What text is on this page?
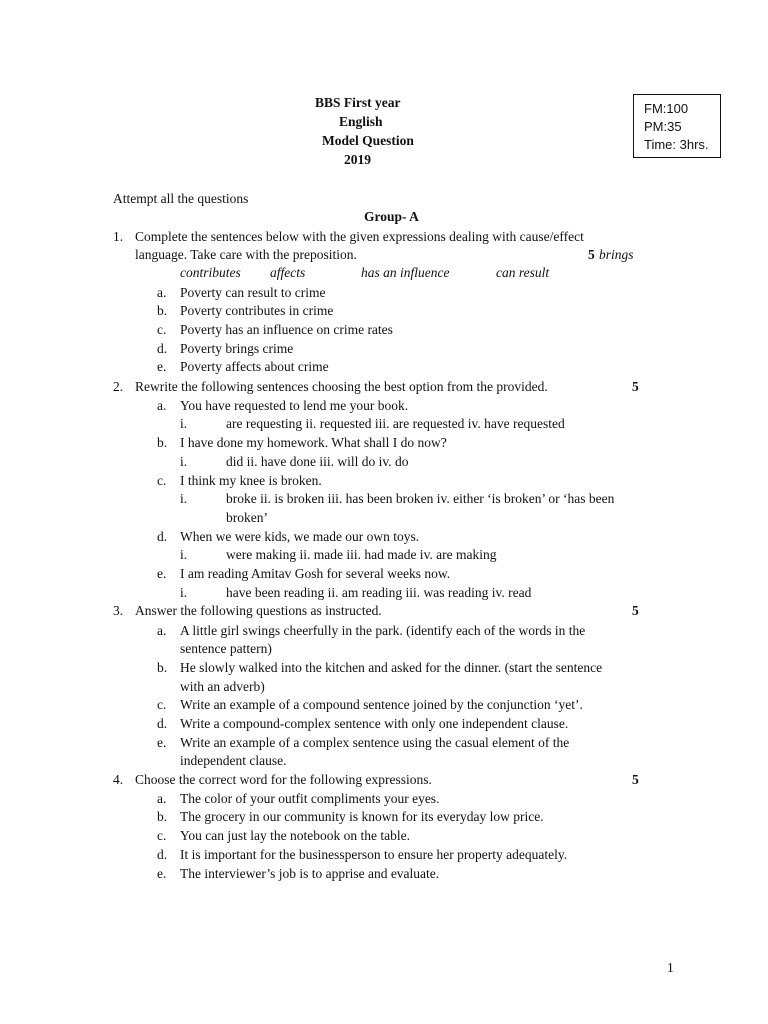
BBS First year
English
Model Question
2019
FM:100
PM:35
Time: 3hrs.
Attempt all the questions
Group- A
1. Complete the sentences below with the given expressions dealing with cause/effect
language. Take care with the preposition.	5 brings
contributes affects	has an influence	can result
a. Poverty can result to crime
b. Poverty contributes in crime
c. Poverty has an influence on crime rates
d. Poverty brings crime
e. Poverty affects about crime
2. Rewrite the following sentences choosing the best option from the provided.	5
a. You have requested to lend me your book.
i.	are requesting ii. requested iii. are requested iv. have requested
b. I have done my homework. What shall I do now?
i.	did ii. have done iii. will do iv. do
c. I think my knee is broken.
i.	broke ii. is broken iii. has been broken iv. either ‘is broken’ or ‘has been
broken’
d. When we were kids, we made our own toys.
i.	were making ii. made iii. had made iv. are making
e. I am reading Amitav Gosh for several weeks now.
i.	have been reading ii. am reading iii. was reading iv. read
3. Answer the following questions as instructed.	5
a. A little girl swings cheerfully in the park. (identify each of the words in the
sentence pattern)
b. He slowly walked into the kitchen and asked for the dinner. (start the sentence
with an adverb)
c. Write an example of a compound sentence joined by the conjunction ‘yet’.
d. Write a compound-complex sentence with only one independent clause.
e. Write an example of a complex sentence using the casual element of the
independent clause.
4. Choose the correct word for the following expressions.	5
a. The color of your outfit compliments your eyes.
b. The grocery in our community is known for its everyday low price.
c. You can just lay the notebook on the table.
d. It is important for the businessperson to ensure her property adequately.
e. The interviewer’s job is to apprise and evaluate.
1
